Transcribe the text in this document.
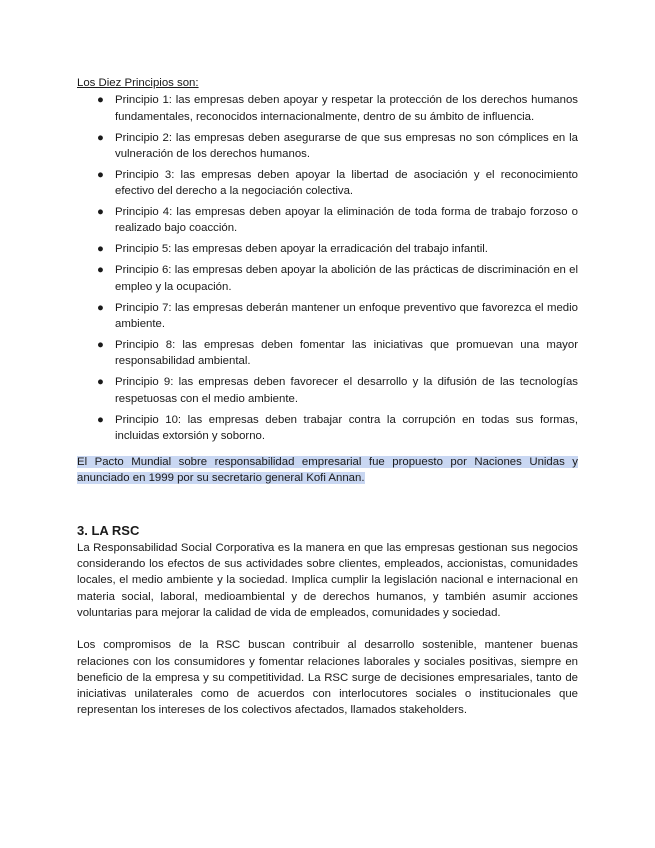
Los Diez Principios son:
● Principio 1: las empresas deben apoyar y respetar la protección de los derechos humanos fundamentales, reconocidos internacionalmente, dentro de su ámbito de influencia.
● Principio 2: las empresas deben asegurarse de que sus empresas no son cómplices en la vulneración de los derechos humanos.
● Principio 3: las empresas deben apoyar la libertad de asociación y el reconocimiento efectivo del derecho a la negociación colectiva.
● Principio 4: las empresas deben apoyar la eliminación de toda forma de trabajo forzoso o realizado bajo coacción.
● Principio 5: las empresas deben apoyar la erradicación del trabajo infantil.
● Principio 6: las empresas deben apoyar la abolición de las prácticas de discriminación en el empleo y la ocupación.
● Principio 7: las empresas deberán mantener un enfoque preventivo que favorezca el medio ambiente.
● Principio 8: las empresas deben fomentar las iniciativas que promuevan una mayor responsabilidad ambiental.
● Principio 9: las empresas deben favorecer el desarrollo y la difusión de las tecnologías respetuosas con el medio ambiente.
● Principio 10: las empresas deben trabajar contra la corrupción en todas sus formas, incluidas extorsión y soborno.

El Pacto Mundial sobre responsabilidad empresarial fue propuesto por Naciones Unidas y anunciado en 1999 por su secretario general Kofi Annan.

3. LA RSC

La Responsabilidad Social Corporativa es la manera en que las empresas gestionan sus negocios considerando los efectos de sus actividades sobre clientes, empleados, accionistas, comunidades locales, el medio ambiente y la sociedad. Implica cumplir la legislación nacional e internacional en materia social, laboral, medioambiental y de derechos humanos, y también asumir acciones voluntarias para mejorar la calidad de vida de empleados, comunidades y sociedad.

Los compromisos de la RSC buscan contribuir al desarrollo sostenible, mantener buenas relaciones con los consumidores y fomentar relaciones laborales y sociales positivas, siempre en beneficio de la empresa y su competitividad. La RSC surge de decisiones empresariales, tanto de iniciativas unilaterales como de acuerdos con interlocutores sociales o institucionales que representan los intereses de los colectivos afectados, llamados stakeholders.
